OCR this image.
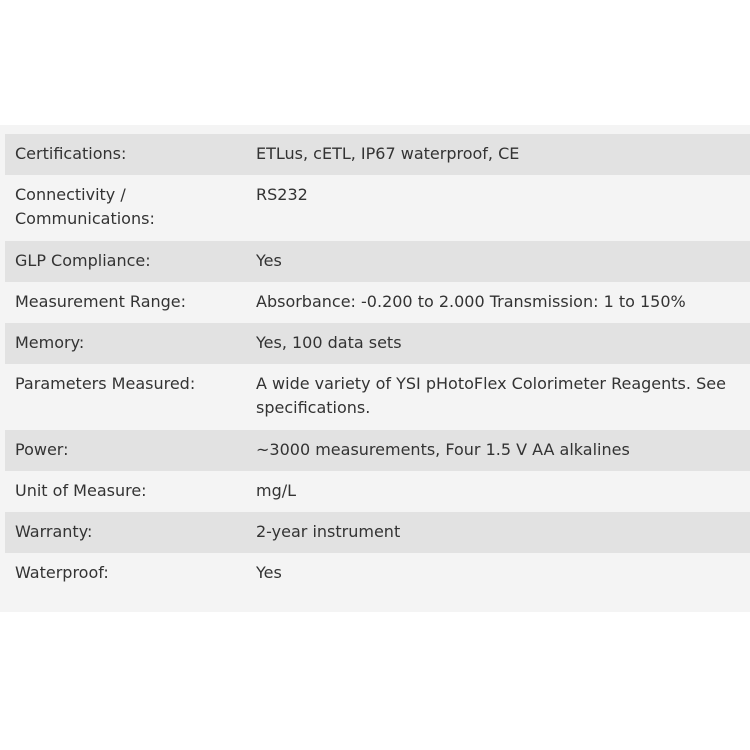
Certifications:	ETLus, cETL, IP67 waterproof, CE
Connectivity / Communications:	RS232
GLP Compliance:	Yes
Measurement Range:	Absorbance: -0.200 to 2.000 Transmission: 1 to 150%
Memory:	Yes, 100 data sets
Parameters Measured:	A wide variety of YSI pHotoFlex Colorimeter Reagents. See specifications.
Power:	~3000 measurements, Four 1.5 V AA alkalines
Unit of Measure:	mg/L
Warranty:	2-year instrument
Waterproof:	Yes
